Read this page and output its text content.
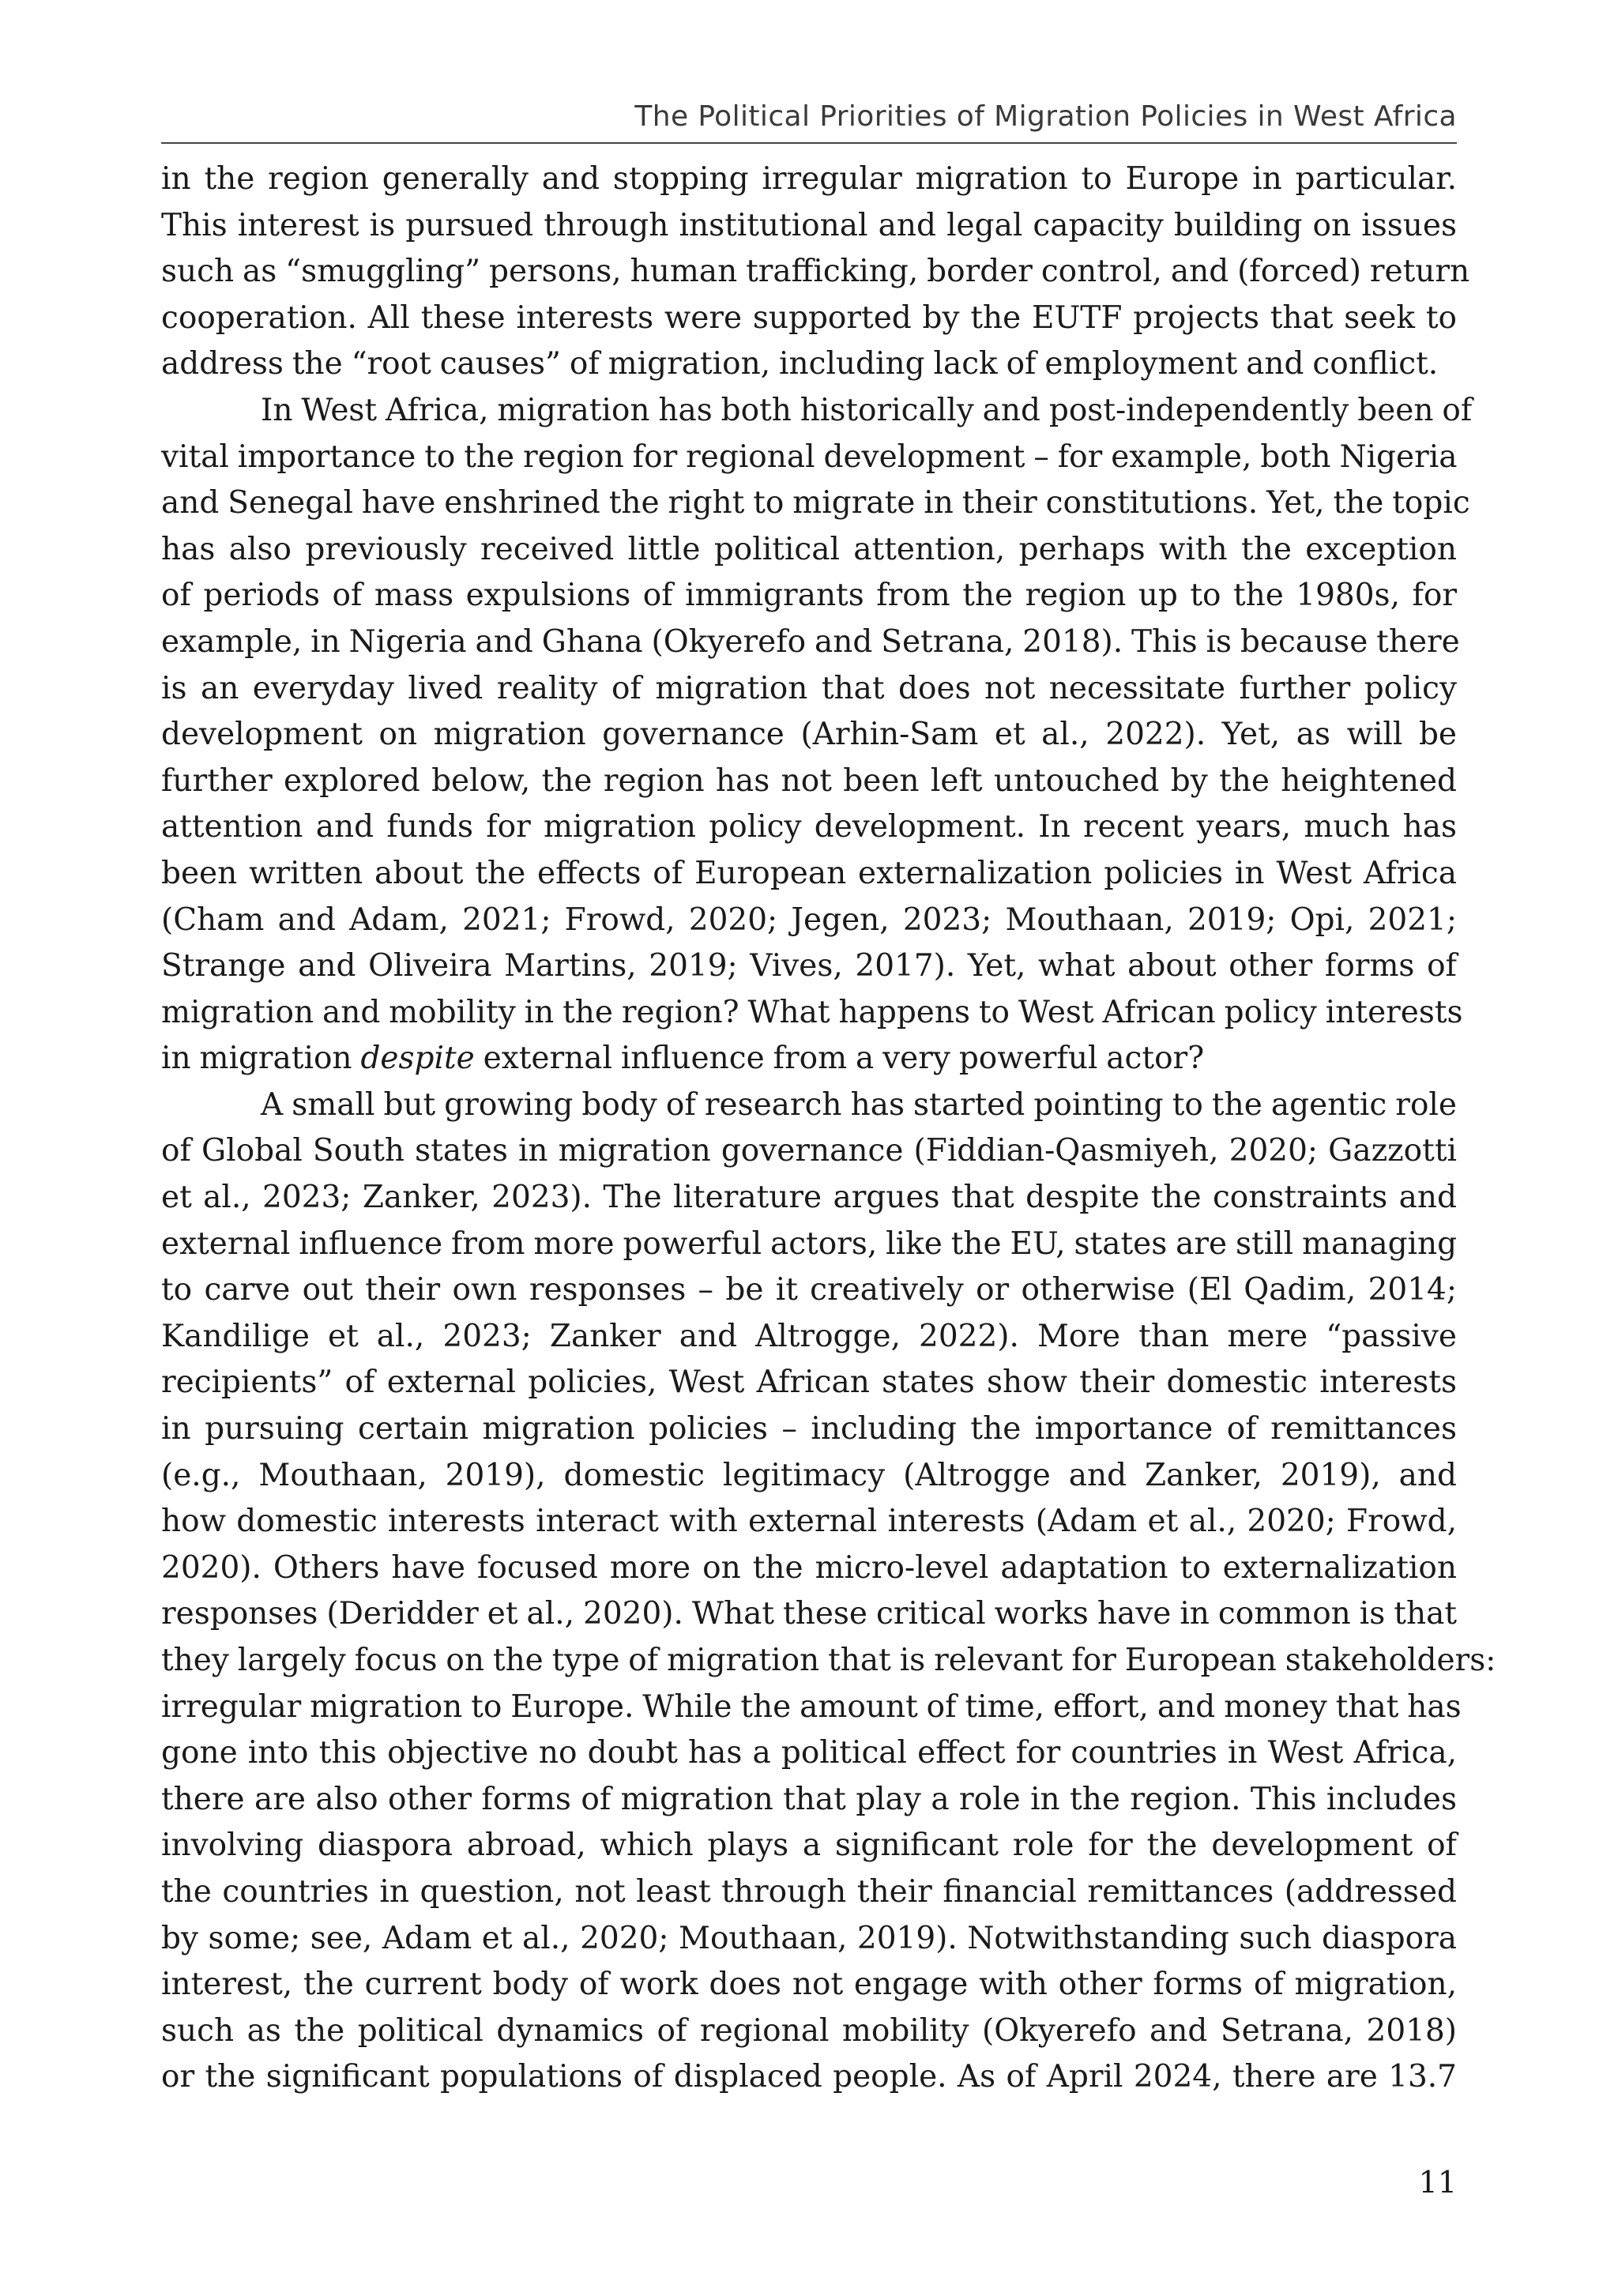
The Political Priorities of Migration Policies in West Africa
in the region generally and stopping irregular migration to Europe in particular.
This interest is pursued through institutional and legal capacity building on issues
such as “smuggling” persons, human trafficking, border control, and (forced) return
cooperation. All these interests were supported by the EUTF projects that seek to
address the “root causes” of migration, including lack of employment and conflict.
In West Africa, migration has both historically and post-independently been of
vital importance to the region for regional development – for example, both Nigeria
and Senegal have enshrined the right to migrate in their constitutions. Yet, the topic
has also previously received little political attention, perhaps with the exception
of periods of mass expulsions of immigrants from the region up to the 1980s, for
example, in Nigeria and Ghana (Okyerefo and Setrana, 2018). This is because there
is an everyday lived reality of migration that does not necessitate further policy
development on migration governance (Arhin-Sam et al., 2022). Yet, as will be
further explored below, the region has not been left untouched by the heightened
attention and funds for migration policy development. In recent years, much has
been written about the effects of European externalization policies in West Africa
(Cham and Adam, 2021; Frowd, 2020; Jegen, 2023; Mouthaan, 2019; Opi, 2021;
Strange and Oliveira Martins, 2019; Vives, 2017). Yet, what about other forms of
migration and mobility in the region? What happens to West African policy interests
in migration despite external influence from a very powerful actor?
A small but growing body of research has started pointing to the agentic role
of Global South states in migration governance (Fiddian-Qasmiyeh, 2020; Gazzotti
et al., 2023; Zanker, 2023). The literature argues that despite the constraints and
external influence from more powerful actors, like the EU, states are still managing
to carve out their own responses – be it creatively or otherwise (El Qadim, 2014;
Kandilige et al., 2023; Zanker and Altrogge, 2022). More than mere “passive
recipients” of external policies, West African states show their domestic interests
in pursuing certain migration policies – including the importance of remittances
(e.g., Mouthaan, 2019), domestic legitimacy (Altrogge and Zanker, 2019), and
how domestic interests interact with external interests (Adam et al., 2020; Frowd,
2020). Others have focused more on the micro-level adaptation to externalization
responses (Deridder et al., 2020). What these critical works have in common is that
they largely focus on the type of migration that is relevant for European stakeholders:
irregular migration to Europe. While the amount of time, effort, and money that has
gone into this objective no doubt has a political effect for countries in West Africa,
there are also other forms of migration that play a role in the region. This includes
involving diaspora abroad, which plays a significant role for the development of
the countries in question, not least through their financial remittances (addressed
by some; see, Adam et al., 2020; Mouthaan, 2019). Notwithstanding such diaspora
interest, the current body of work does not engage with other forms of migration,
such as the political dynamics of regional mobility (Okyerefo and Setrana, 2018)
or the significant populations of displaced people. As of April 2024, there are 13.7
11
